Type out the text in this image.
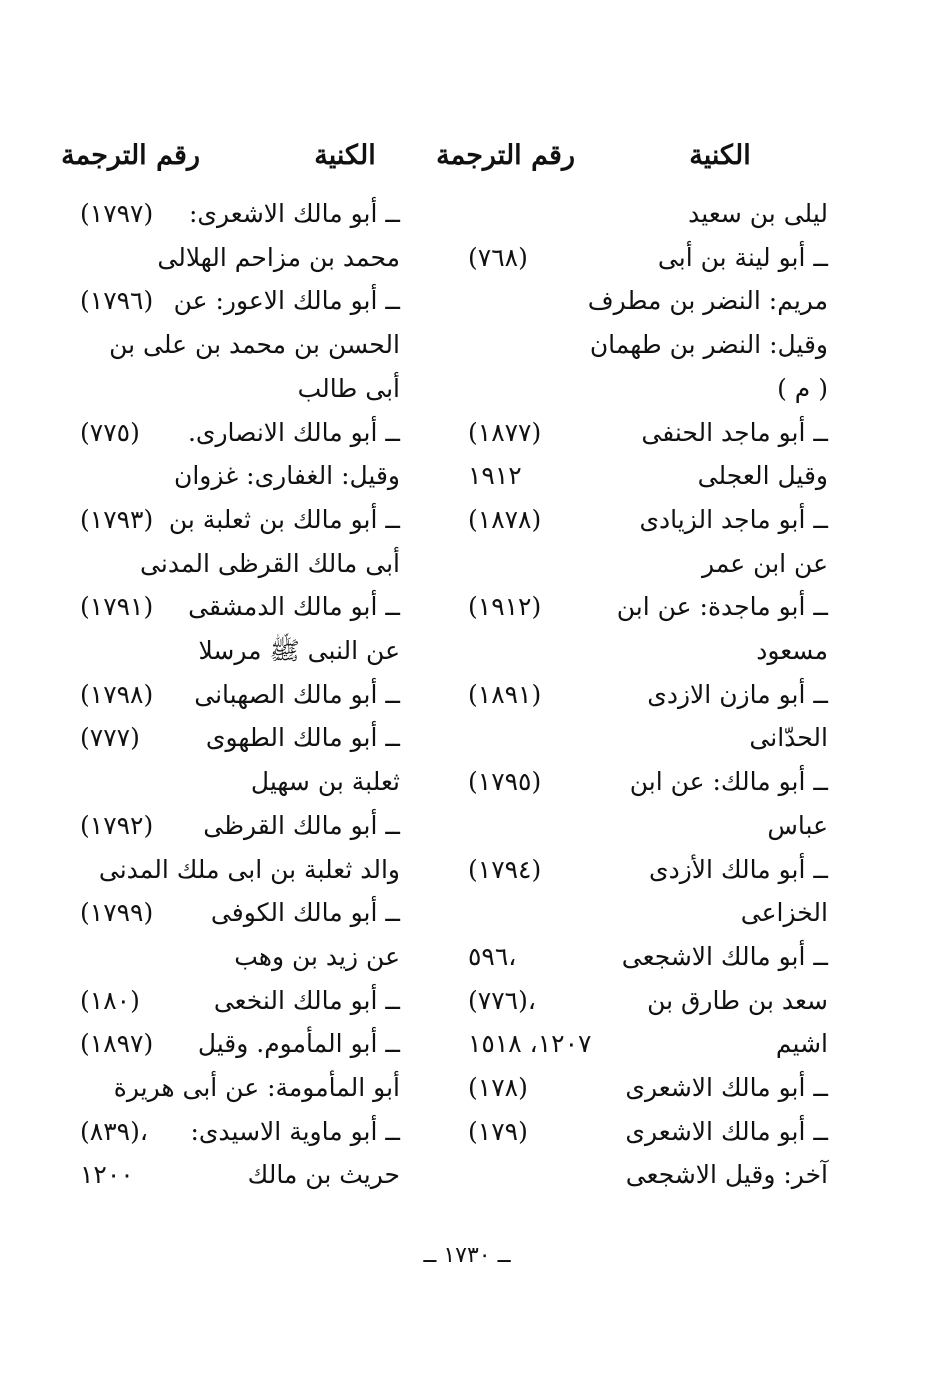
الكنية
رقم الترجمة
الكنية
رقم الترجمة
ليلى بن سعيد
ــ أبو لينة بن أبى
(٧٦٨)
مريم: النضر بن مطرف
وقيل: النضر بن طهمان
( م )
ــ أبو ماجد الحنفى
(١٨٧٧)
وقيل العجلى
١٩١٢
ــ أبو ماجد الزيادى
(١٨٧٨)
عن ابن عمر
ــ أبو ماجدة: عن ابن
(١٩١٢)
مسعود
ــ أبو مازن الازدى
(١٨٩١)
الحدّانى
ــ أبو مالك: عن ابن
(١٧٩٥)
عباس
ــ أبو مالك الأزدى
(١٧٩٤)
الخزاعى
ــ أبو مالك الاشجعى
٥٩٦،
سعد بن طارق بن
(٧٧٦)،
اشيم
١٢٠٧، ١٥١٨
ــ أبو مالك الاشعرى
(١٧٨)
ــ أبو مالك الاشعرى
(١٧٩)
آخر: وقيل الاشجعى
ــ أبو مالك الاشعرى:
(١٧٩٧)
محمد بن مزاحم الهلالى
ــ أبو مالك الاعور: عن
(١٧٩٦)
الحسن بن محمد بن على بن
أبى طالب
ــ أبو مالك الانصارى.
(٧٧٥)
وقيل: الغفارى: غزوان
ــ أبو مالك بن ثعلبة بن
(١٧٩٣)
أبى مالك القرظى المدنى
ــ أبو مالك الدمشقى
(١٧٩١)
عن النبى ﷺ مرسلا
ــ أبو مالك الصهبانى
(١٧٩٨)
ــ أبو مالك الطهوى
(٧٧٧)
ثعلبة بن سهيل
ــ أبو مالك القرظى
(١٧٩٢)
والد ثعلبة بن ابى ملك المدنى
ــ أبو مالك الكوفى
(١٧٩٩)
عن زيد بن وهب
ــ أبو مالك النخعى
(١٨٠)
ــ أبو المأموم. وقيل
(١٨٩٧)
أبو المأمومة: عن أبى هريرة
ــ أبو ماوية الاسيدى:
(٨٣٩)،
حريث بن مالك
١٢٠٠
ــ ١٧٣٠ ــ
